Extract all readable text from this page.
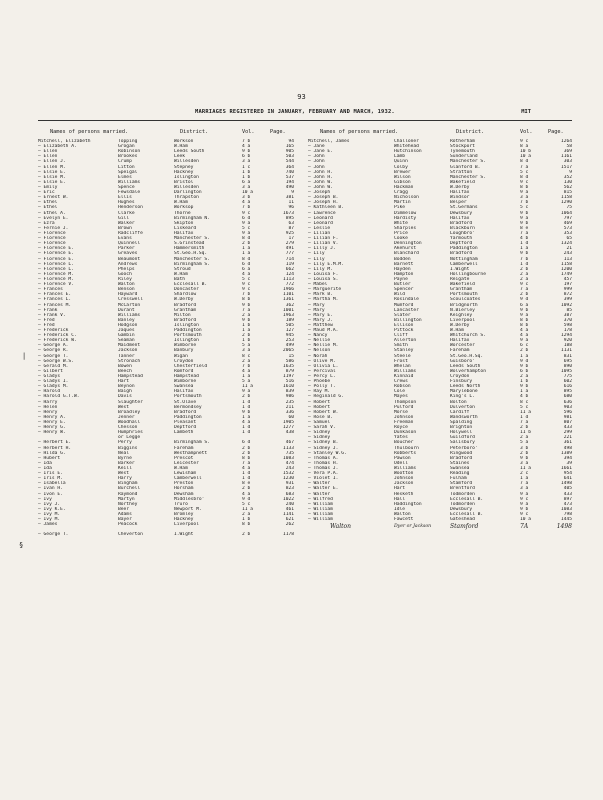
93
MARRIAGES REGISTERED IN JANUARY, FEBRUARY AND MARCH, 1932.	MIT
Names of persons married.	District.	Vol.	Page.
Mitchell, Elizabeth	Topping	Workson	7 b	94
— Elizabeth A.	Grogan	W.Ham	4 a	165
— Ellen	Robinson	Leeds South	9 b	905
— Ellen	Brookes	Leek	6 b	503
— Ellen J.	Crump	Willesden	3 a	544
— Ellen M.	Litton	Stepney	1 c	364
— Elsie E.	Speigal	Hackney	1 b	740
— Elsie M.	Elmes	Islington	1 b	537
— Elsie E.	Williams	Bristol	6 a	194
— Emily	Spence	Willesden	3 a	490
— Eric	Fewsdale	Darlington	10 a	9
— Ernest W.	Ellis	Thrapston	3 b	381
— Ethel	Hughes	W.Ham	4 a	11
— Ethel	Henderson	Worksop	7 b	96
— Ethel A.	Clarke	Thorne	9 c	1673
— Evelyn E.	Gill	Birmingham N.	6 d	895
— Ezra	Walker	Skipton	9 a	63
— Fernie J.	Brown	Liskeard	5 c	87
— Florence	Radcliffe	Halifax	9 a	925
— Florence	Evans	Manchester S.	8 d	17
— Florence	Quinnell	S.Grinstead	2 b	279
— Florence E.	Parker	Hammersmith	1 a	491
— Florence E.	Greaves	St.Geo.H.Sq.	1 a	777
— Florence E.	Beaumont	Manchester S.	8 d	714
— Florence L.	Andrews	Birmingham S.	6 d	119
— Florence L.	Phelps	Stroud	6 a	662
— Florence M.	Gooch	W.Ham	4 a	124
— Florence M.	Riley	Bath	5 c	1113
— Florence V.	Walton	Ecclesall B.	9 c	772
— Frances	Benson	Doncaster	9 c	1966
— Frances E.	Hayward	Shardlow	7 b	1101
— Frances L.	Cresswell	W.Derby	8 b	1361
— Frances M.	McCarton	Bradford	9 b	362
— Frank	Durant	Grantham	7 a	1001
— Frank V.	Williams	Milton	2 a	1963
— Fred	Banley	Bradford	9 b	189
— Fred	Hodgson	Islington	1 b	505
— Frederick	Jaques	Paddington	1 a	127
— Frederick C.	Gambin	Portsmouth	2 b	945
— Frederick W.	Seaman	Islington	1 b	253
— George A.	Maidment	Wimborne	5 a	499
— George R.	Jackson	Banbury	3 a	2065
— George T.	Tanner	Wigan	8 c	15
— George W.S.	Stronach	Croydon	2 a	586
— Gerald M.	Bowen	Chesterfield	7 b	1635
— Gilbert	Beech	Romford	4 a	879
— Gladys	Hampstead	Hampstead	1 a	1197
— Gladys I.	Hart	Wimborne	5 a	516
— Gladys M.	Beynon	Swansea	11 a	1610
— Harold	Baigh	Halifax	9 a	839
— Harold G.T.W.	Davis	Portsmouth	2 b	986
— Harry	Slaughter	St.Olave	1 d	235
— Helen	West	Bermondsey	1 d	211
— Henry	Broadley	Bradford	9 b	336
— Henry A.	Jenner	Paddington	1 a	60
— Henry E.	Woodhall	Pleasant	4 a	1905
— Henry G.	Chesson	Deptford	1 d	1277
— Henry W.	Humphries	Lambeth	1 d	438
or Legge
— Herbert E.	Perry	Birmingham S.	6 d	467
— Herbert H.	Biggins	Fareham	2 b	1133
— Hilda G.	Neal	Westhampnett	2 b	735
— Hubert	Byrne	Prescot	8 b	1083
— Ida	Barker	Leicester	7 a	474
— Ida	Keill	W.Ham	4 a	243
— Iris E.	West	Lewisham	1 d	1532
— Iris M.	Harry	Camberwell	1 d	1230
— Isabella	Bingham	Preston	8 e	931
— Ivan H.	Burchell	Horsham	2 b	823
— Ivon E.	Raymond	Dewsham	4 a	683
— Ivy	Martyn	Middlesbro'	9 d	1022
— Ivy J.	Northey	Truro	5 c	240
— Ivy K.E.	Beer	Newport M.	11 a	461
— Ivy M.	Adams	Bromley	2 a	1141
— Ivy M.	Bayer	Hackney	1 b	621
— James	Peacock	Liverpool	8 b	262
— George T.	Cheverton	I.Wight	2 b	1178
Names of persons married.	District.	Vol.	Page.
Mitchell, James	Challoner	Rotherham	9 c	1264
— Jane	Whitehead	Stockport	8 a	58
— Jane E.	Hutchinson	Tynemouth	10 b	369
— John	Lamb	Sunderland	10 a	1161
— John	Quinn	Manchester S.	8 d	303
— John	Colby	Glanford B.	7 a	1517
— John H.	Brewer	Stratton	5 c	9
— John H.	Wilson	Manchester S.	8 d	352
— John W.	Gibson	Wakefield	9 c	130
— John W.	Hackman	W.Derby	8 b	562
— Joseph	Cragg	Halifax	9 a	815
— Joseph B.	Nicholson	Windsor	3 a	1158
— Joseph H.	Martin	Belper	7 b	1290
— Kathleen B.	Pike	St.Germans	5 c	75
— Lawrence	Dimmelow	Dewsbury	9 b	1064
— Leonard	Hardisty	Halifax	9 a	797
— Leonard	White	Bradford	9 b	469
— Leslie	Sharples	Blackburn	8 e	573
— Lilian	Price	Loughbro'	7 a	353
— Lilian F.	Cooke	Yarmouth	4 b	65
— Lilian V.	Dennington	Deptford	1 d	1324
— Lilly J.	Akehurst	Paddington	1 a	21
— Lily	Blanchard	Bradford	9 b	243
— Lily	Bodden	Nottingham	7 b	113
— Lily E.M.M.	Barnett	Camberwell	1 d	1158
— Lily M.	Hayden	I.Wight	2 b	1200
— Louisa F.	Hampton	Hollingbourne	2 a	1749
— Louisa S.	Payne	Reigate	2 a	457
— Mabel	Butler	Wakefield	9 c	197
— Marguerite	Spencer	Grantham	7 a	999
— Mark B.	Wild	Portsmouth	2 b	872
— Martha M.	Rosindale	Scoulcoates	9 d	399
— Mary	Mumford	Bridgnorth	6 a	1092
— Mary	Lancaster	N.Bierley	9 b	85
— Mary E.	Slater	Keighley	9 a	387
— Mary J.	Billington	Liverpool	8 b	370
— Matthew	Ellison	W.Derby	8 b	598
— Maud M.A.	Pittock	W.Ham	4 a	178
— Nancy	Cliff	Whitchurch S.	4 a	1294
— Nellie	Allerton	Halifax	9 a	920
— Nellie M.	Smith	Worcester	6 c	188
— Nelson	Stanley	Fareham	2 b	1131
— Norah	Steele	St.Geo.H.Sq.	1 a	831
— Olive M.	Frost	Guisboro'	9 d	695
— Olivia L.	Whelan	Leeds South	9 b	890
— Percival	Williams	Wolverhampton	6 b	1095
— Percy L.	Kinnaid	Croydon	2 a	775
— Phoebe	Crews	Finsbury	1 b	602
— Polly T.	Robson	Leeds North	9 b	616
— Ray M.	Cole	Marylebone	1 a	895
— Reginald G.	Mayes	King's L.	4 b	680
— Robert	Thompson	Bolton	8 c	636
— Robert	Pulford	Dulverton	5 c	903
— Robert W.	Morse	Cardiff	11 a	596
— Rose B.	Johnson	Wandsworth	1 d	981
— Samuel	Freeman	Spalding	7 a	807
— Sarah V.	Royce	Brighton	2 b	433
— Sidney	Dunkason	Holywell	11 b	299
— Sidney	Yates	Guildford	2 a	221
— Sidney B.	Boucher	Salisbury	5 a	361
— Sidney J.	Thulbourn	Peterboro'	3 b	498
— Stanley W.G.	Robberts	Ringwood	2 b	1389
— Thomas A.	Pawson	Bradford	9 b	394
— Thomas H.	Odell	Staines	3 a	39
— Thomas J.	Williams	Swansea	11 a	1661
— Vera P.A.	Wootton	Reading	2 c	954
— Violet I.	Johnson	Fulham	1 a	641
— Walter	Jackson	Stamford	7 a	1498
— Walter E.	Hart	Brentford	3 a	405
— Walter	Hesketh	Todmorden	9 a	433
— Wilfred	Hall	Ecclesall B.	9 c	897
— William	Haddington	Todmorden	9 a	473
— William	Idle	Dewsbury	9 b	1083
— William	Walton	Ecclesall B.	9 c	798
— William	Fawcett	Gateshead	10 a	1445
Walton	Dyer or Jackson	Stamford	7A	1498
|
§
